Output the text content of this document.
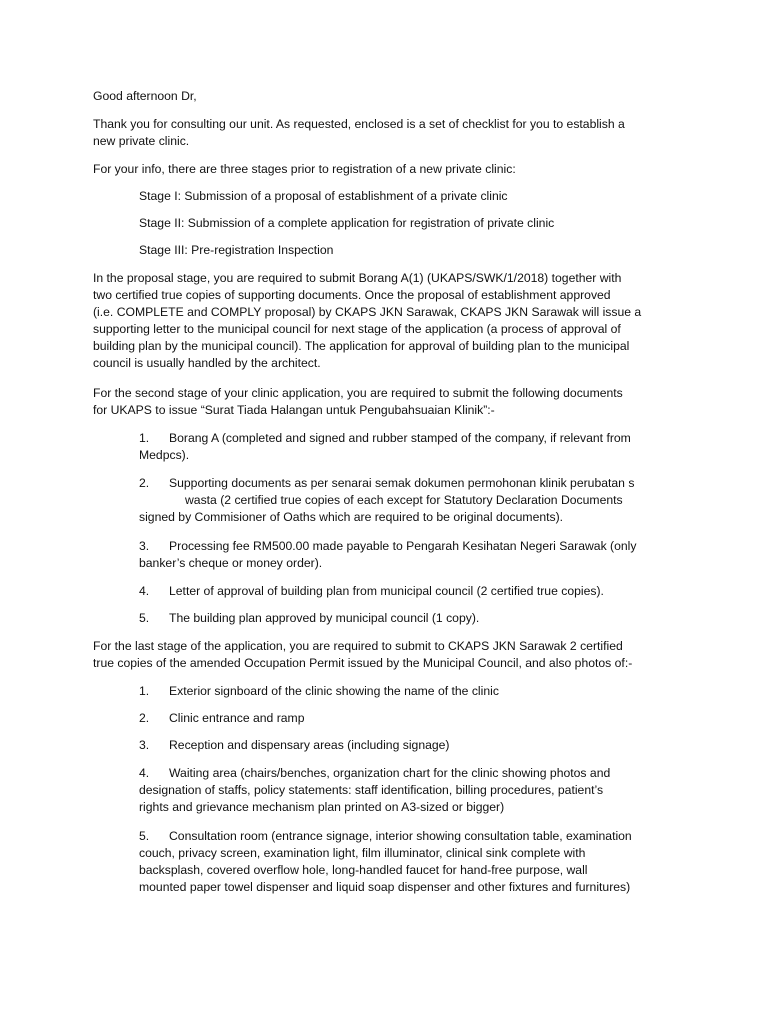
Good afternoon Dr,

Thank you for consulting our unit. As requested, enclosed is a set of checklist for you to establish a
new private clinic.

For your info, there are three stages prior to registration of a new private clinic:

Stage I: Submission of a proposal of establishment of a private clinic

Stage II: Submission of a complete application for registration of private clinic

Stage III: Pre-registration Inspection

In the proposal stage, you are required to submit Borang A(1) (UKAPS/SWK/1/2018) together with
two certified true copies of supporting documents. Once the proposal of establishment approved
(i.e. COMPLETE and COMPLY proposal) by CKAPS JKN Sarawak, CKAPS JKN Sarawak will issue a
supporting letter to the municipal council for next stage of the application (a process of approval of
building plan by the municipal council). The application for approval of building plan to the municipal
council is usually handled by the architect.

For the second stage of your clinic application, you are required to submit the following documents
for UKAPS to issue “Surat Tiada Halangan untuk Pengubahsuaian Klinik”:-

1. Borang A (completed and signed and rubber stamped of the company, if relevant from
Medpcs).

2. Supporting documents as per senarai semak dokumen permohonan klinik perubatan s
wasta (2 certified true copies of each except for Statutory Declaration Documents
signed by Commisioner of Oaths which are required to be original documents).

3. Processing fee RM500.00 made payable to Pengarah Kesihatan Negeri Sarawak (only
banker’s cheque or money order).

4. Letter of approval of building plan from municipal council (2 certified true copies).

5. The building plan approved by municipal council (1 copy).

For the last stage of the application, you are required to submit to CKAPS JKN Sarawak 2 certified
true copies of the amended Occupation Permit issued by the Municipal Council, and also photos of:-

1. Exterior signboard of the clinic showing the name of the clinic

2. Clinic entrance and ramp

3. Reception and dispensary areas (including signage)

4. Waiting area (chairs/benches, organization chart for the clinic showing photos and
designation of staffs, policy statements: staff identification, billing procedures, patient’s
rights and grievance mechanism plan printed on A3-sized or bigger)

5. Consultation room (entrance signage, interior showing consultation table, examination
couch, privacy screen, examination light, film illuminator, clinical sink complete with
backsplash, covered overflow hole, long-handled faucet for hand-free purpose, wall
mounted paper towel dispenser and liquid soap dispenser and other fixtures and furnitures)
